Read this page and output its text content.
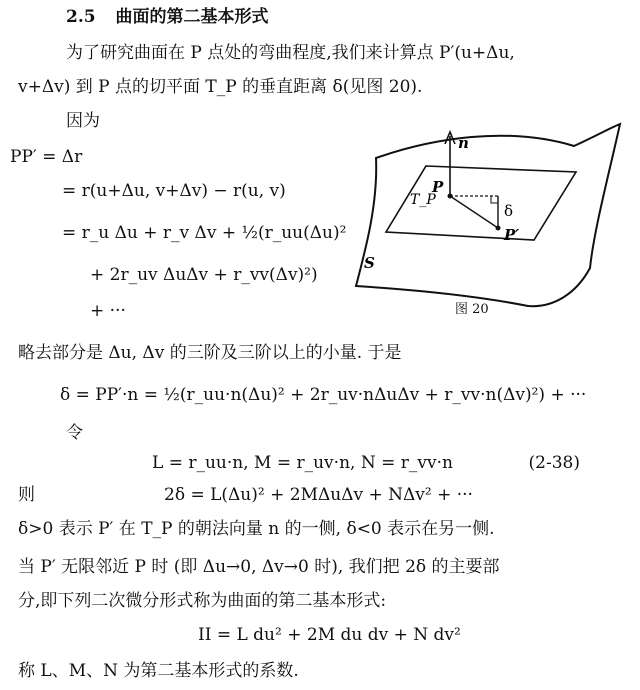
2.5 曲面的第二基本形式
为了研究曲面在 P 点处的弯曲程度,我们来计算点 P′(u+Δu,
v+Δv) 到 P 点的切平面 T_P 的垂直距离 δ(见图 20).
因为
PP′ = Δr
= r(u+Δu, v+Δv) − r(u, v)
= r_u Δu + r_v Δv + ½(r_uu(Δu)²
+ 2r_uv ΔuΔv + r_vv(Δv)²)
+ ···
n
P
T_P
δ
P′
S
图 20
略去部分是 Δu, Δv 的三阶及三阶以上的小量. 于是
δ = PP′·n = ½(r_uu·n(Δu)² + 2r_uv·nΔuΔv + r_vv·n(Δv)²) + ···
令
L = r_uu·n, M = r_uv·n, N = r_vv·n	(2-38)
则	2δ = L(Δu)² + 2MΔuΔv + NΔv² + ···
δ>0 表示 P′ 在 T_P 的朝法向量 n 的一侧, δ<0 表示在另一侧.
当 P′ 无限邻近 P 时 (即 Δu→0, Δv→0 时), 我们把 2δ 的主要部
分,即下列二次微分形式称为曲面的第二基本形式:
II = L du² + 2M du dv + N dv²
称 L、M、N 为第二基本形式的系数.
